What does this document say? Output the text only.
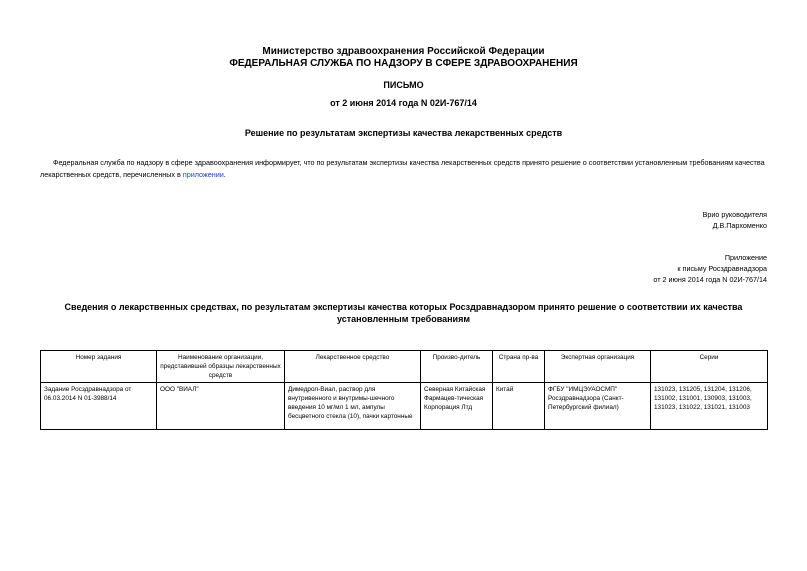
Министерство здравоохранения Российской Федерации
ФЕДЕРАЛЬНАЯ СЛУЖБА ПО НАДЗОРУ В СФЕРЕ ЗДРАВООХРАНЕНИЯ
ПИСЬМО
от 2 июня 2014 года N 02И-767/14
Решение по результатам экспертизы качества лекарственных средств
Федеральная служба по надзору в сфере здравоохранения информирует, что по результатам экспертизы качества лекарственных средств принято решение о соответствии установленным требованиям качества лекарственных средств, перечисленных в приложении.
Врио руководителя
Д.В.Пархоменко
Приложение
к письму Росздравнадзора
от 2 июня 2014 года N 02И-767/14
Сведения о лекарственных средствах, по результатам экспертизы качества которых Росздравнадзором принято решение о соответствии их качества установленным требованиям
Номер задания	Наименование организации, представившей образцы лекарственных средств	Лекарственное средство	Произво-дитель	Страна пр-ва	Экспертная организация	Серии
Задание Росздравнадзора от 06.03.2014 N 01-3988/14	ООО "ВИАЛ"	Димедрол-Виал, раствор для внутривенного и внутримы-шечного введения 10 мг/мл 1 мл, ампулы бесцветного стекла (10), пачки картонные	Северная Китайская Фармацев-тическая Корпорация Лтд	Китай	ФГБУ "ИМЦЭУАОСМП" Росздравнадзора (Санкт-Петербургский филиал)	131023, 131205, 131204, 131206, 131002, 131001, 130903, 131003, 131023, 131022, 131021, 131003
